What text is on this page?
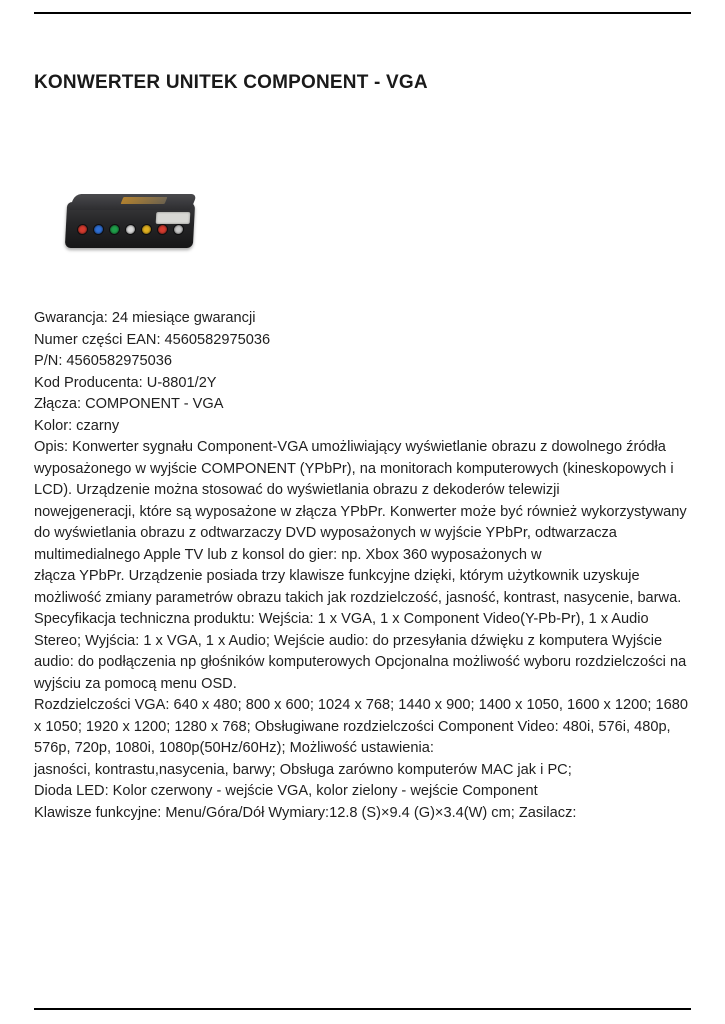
KONWERTER UNITEK COMPONENT - VGA

Gwarancja: 24 miesiące gwarancji

Numer części EAN: 4560582975036

P/N: 4560582975036

Kod Producenta: U-8801/2Y

Złącza: COMPONENT - VGA

Kolor: czarny

Opis: Konwerter sygnału Component-VGA umożliwiający wyświetlanie obrazu z dowolnego źródła wyposażonego w wyjście COMPONENT (YPbPr), na monitorach komputerowych (kineskopowych i LCD). Urządzenie można stosować do wyświetlania obrazu z dekoderów telewizji

nowejgeneracji, które są wyposażone w złącza YPbPr. Konwerter może być również wykorzystywany do wyświetlania obrazu z odtwarzaczy DVD wyposażonych w wyjście YPbPr, odtwarzacza multimedialnego Apple TV lub z konsol do gier: np. Xbox 360 wyposażonych w

złącza YPbPr. Urządzenie posiada trzy klawisze funkcyjne dzięki, którym użytkownik uzyskuje możliwość zmiany parametrów obrazu takich jak rozdzielczość, jasność, kontrast, nasycenie, barwa. Specyfikacja techniczna produktu: Wejścia: 1 x VGA, 1 x Component Video(Y-Pb-Pr), 1 x Audio Stereo; Wyjścia: 1 x VGA, 1 x Audio; Wejście audio: do przesyłania dźwięku z komputera Wyjście audio: do podłączenia np głośników komputerowych Opcjonalna możliwość wyboru rozdzielczości na wyjściu za pomocą menu OSD.

Rozdzielczości VGA: 640 x 480; 800 x 600; 1024 x 768; 1440 x 900; 1400 x 1050, 1600 x 1200; 1680 x 1050; 1920 x 1200; 1280 x 768; Obsługiwane rozdzielczości Component Video: 480i, 576i, 480p, 576p, 720p, 1080i, 1080p(50Hz/60Hz); Możliwość ustawienia:

jasności, kontrastu,nasycenia, barwy; Obsługa zarówno komputerów MAC jak i PC;

Dioda LED: Kolor czerwony - wejście VGA, kolor zielony - wejście Component

Klawisze funkcyjne: Menu/Góra/Dół Wymiary:12.8 (S)×9.4 (G)×3.4(W) cm; Zasilacz:
